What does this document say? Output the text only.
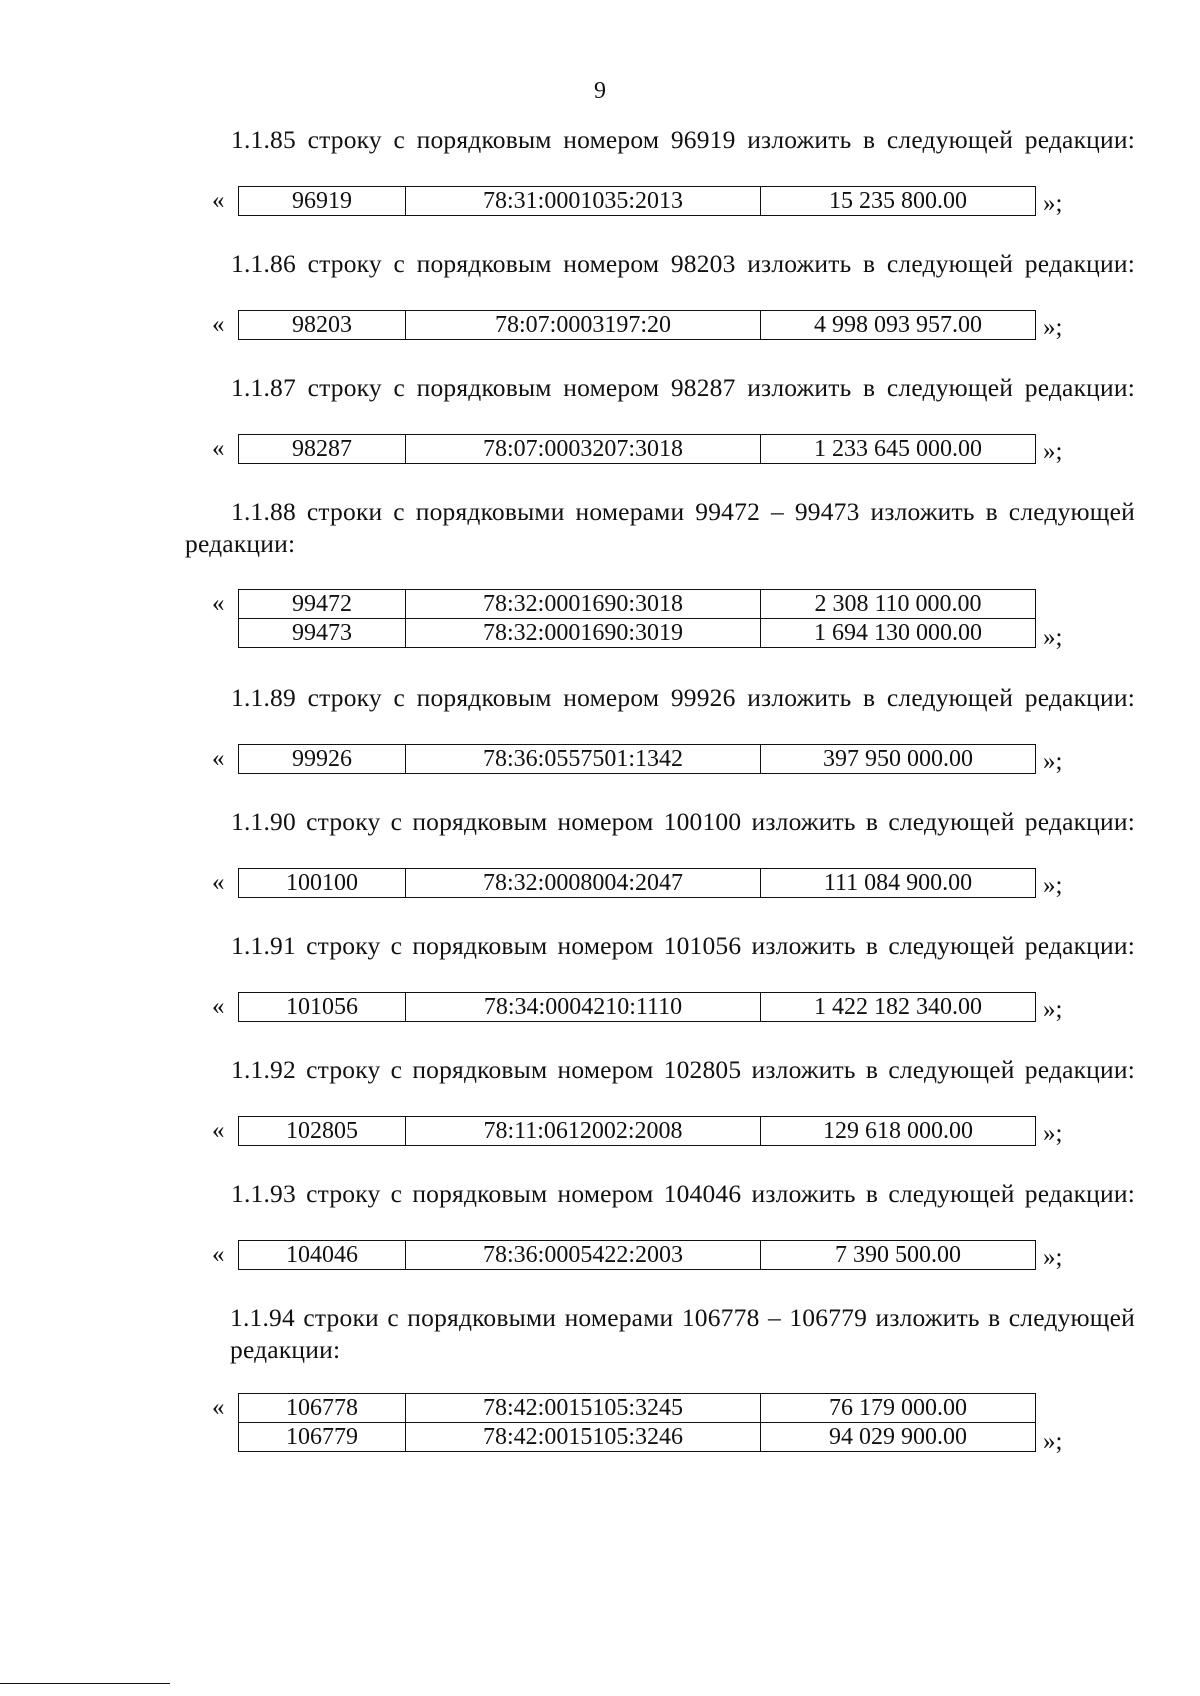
9
1.1.85 строку с порядковым номером 96919 изложить в следующей редакции:
«	96919	78:31:0001035:2013	15 235 800.00	»;
1.1.86 строку с порядковым номером 98203 изложить в следующей редакции:
«	98203	78:07:0003197:20	4 998 093 957.00 »;
1.1.87 строку с порядковым номером 98287 изложить в следующей редакции:
«	98287	78:07:0003207:3018	1 233 645 000.00 »;
1.1.88 строки с порядковыми номерами 99472 – 99473 изложить в следующей редакции:
«	99472	78:32:0001690:3018	2 308 110 000.00
99473	78:32:0001690:3019	1 694 130 000.00 »;
1.1.89 строку с порядковым номером 99926 изложить в следующей редакции:
«	99926	78:36:0557501:1342	397 950 000.00	»;
1.1.90 строку с порядковым номером 100100 изложить в следующей редакции:
«	100100	78:32:0008004:2047	111 084 900.00	»;
1.1.91 строку с порядковым номером 101056 изложить в следующей редакции:
«	101056	78:34:0004210:1110	1 422 182 340.00 »;
1.1.92 строку с порядковым номером 102805 изложить в следующей редакции:
«	102805	78:11:0612002:2008	129 618 000.00	»;
1.1.93 строку с порядковым номером 104046 изложить в следующей редакции:
«	104046	78:36:0005422:2003	7 390 500.00	»;
1.1.94 строки с порядковыми номерами 106778 – 106779 изложить в следующей редакции:
«	106778	78:42:0015105:3245	76 179 000.00
106779	78:42:0015105:3246	94 029 900.00	»;
